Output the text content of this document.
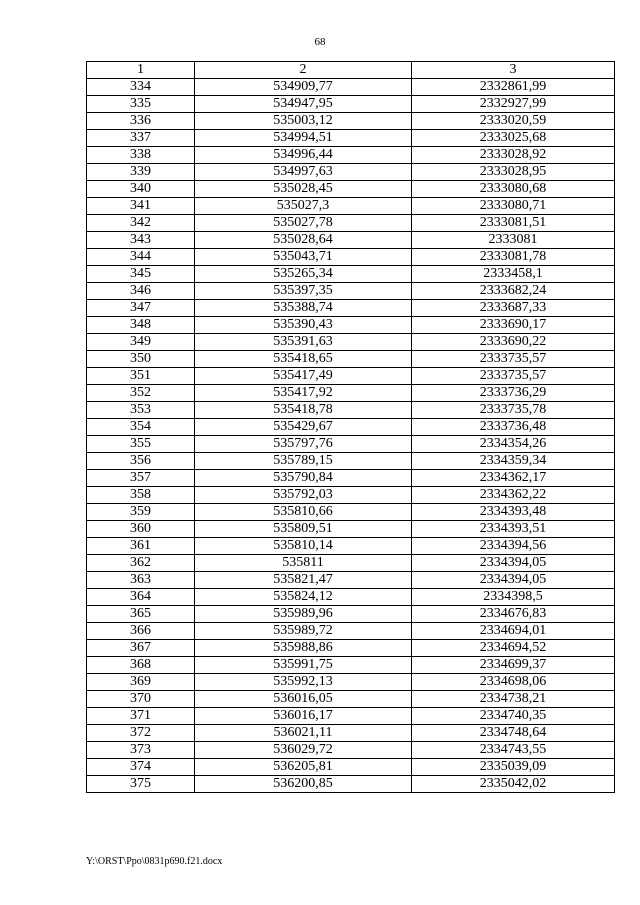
68
1	2	3
334	534909,77	2332861,99
335	534947,95	2332927,99
336	535003,12	2333020,59
337	534994,51	2333025,68
338	534996,44	2333028,92
339	534997,63	2333028,95
340	535028,45	2333080,68
341	535027,3	2333080,71
342	535027,78	2333081,51
343	535028,64	2333081
344	535043,71	2333081,78
345	535265,34	2333458,1
346	535397,35	2333682,24
347	535388,74	2333687,33
348	535390,43	2333690,17
349	535391,63	2333690,22
350	535418,65	2333735,57
351	535417,49	2333735,57
352	535417,92	2333736,29
353	535418,78	2333735,78
354	535429,67	2333736,48
355	535797,76	2334354,26
356	535789,15	2334359,34
357	535790,84	2334362,17
358	535792,03	2334362,22
359	535810,66	2334393,48
360	535809,51	2334393,51
361	535810,14	2334394,56
362	535811	2334394,05
363	535821,47	2334394,05
364	535824,12	2334398,5
365	535989,96	2334676,83
366	535989,72	2334694,01
367	535988,86	2334694,52
368	535991,75	2334699,37
369	535992,13	2334698,06
370	536016,05	2334738,21
371	536016,17	2334740,35
372	536021,11	2334748,64
373	536029,72	2334743,55
374	536205,81	2335039,09
375	536200,85	2335042,02
Y:\ORST\Ppo\0831p690.f21.docx
